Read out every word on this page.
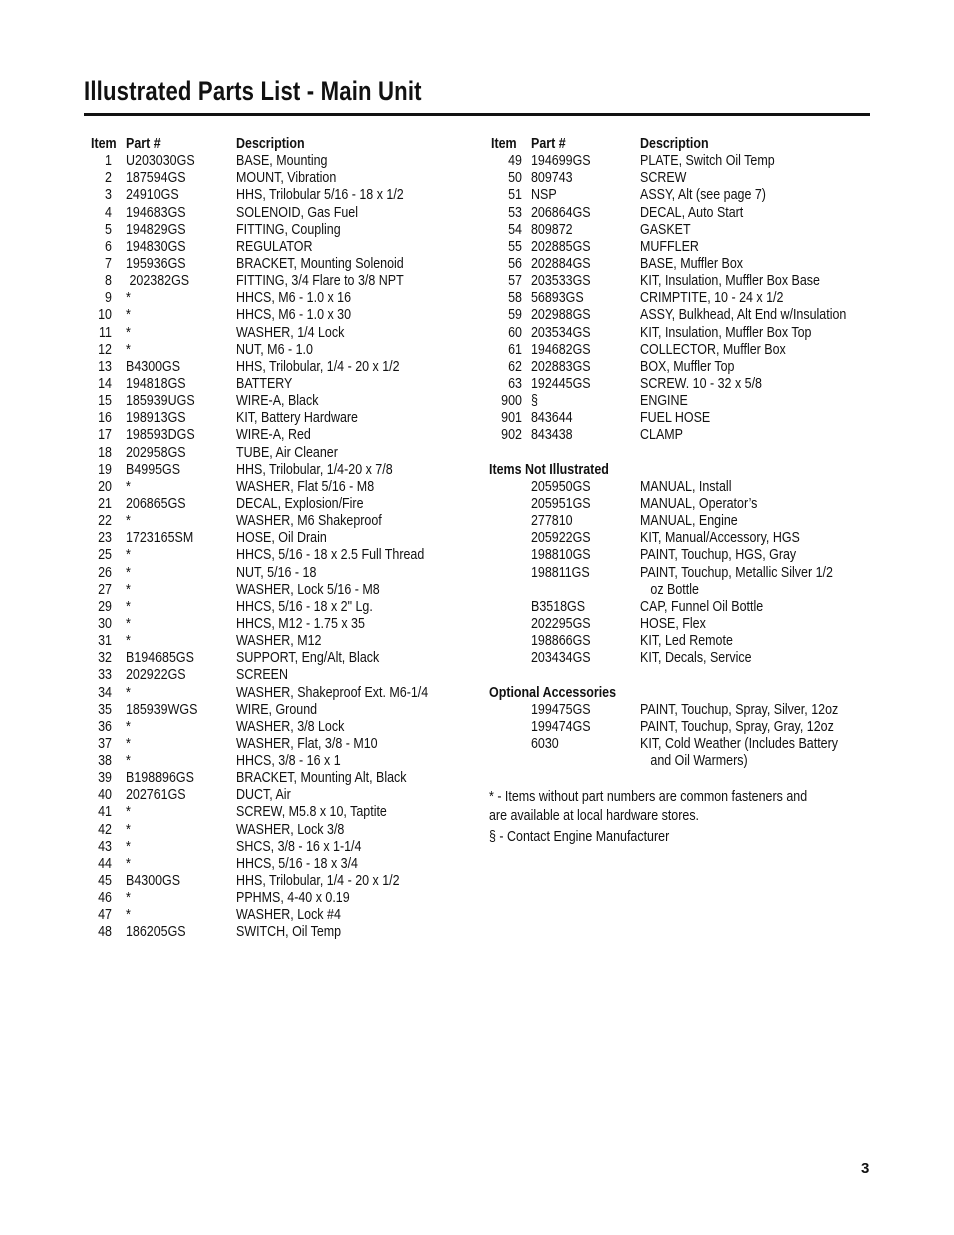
Illustrated Parts List - Main Unit
Item Part #	Description
1 U203030GS	BASE, Mounting
2 187594GS	MOUNT, Vibration
3 24910GS	HHS, Trilobular 5/16 - 18 x 1/2
4 194683GS	SOLENOID, Gas Fuel
5 194829GS	FITTING, Coupling
6 194830GS	REGULATOR
7 195936GS	BRACKET, Mounting Solenoid
8 202382GS	FITTING, 3/4 Flare to 3/8 NPT
9 *	HHCS, M6 - 1.0 x 16
10 *	HHCS, M6 - 1.0 x 30
11 *	WASHER, 1/4 Lock
12 *	NUT, M6 - 1.0
13 B4300GS	HHS, Trilobular, 1/4 - 20 x 1/2
14 194818GS	BATTERY
15 185939UGS	WIRE-A, Black
16 198913GS	KIT, Battery Hardware
17 198593DGS	WIRE-A, Red
18 202958GS	TUBE, Air Cleaner
19 B4995GS	HHS, Trilobular, 1/4-20 x 7/8
20 *	WASHER, Flat 5/16 - M8
21 206865GS	DECAL, Explosion/Fire
22 *	WASHER, M6 Shakeproof
23 1723165SM	HOSE, Oil Drain
25 *	HHCS, 5/16 - 18 x 2.5 Full Thread
26 *	NUT, 5/16 - 18
27 *	WASHER, Lock 5/16 - M8
29 *	HHCS, 5/16 - 18 x 2" Lg.
30 *	HHCS, M12 - 1.75 x 35
31 *	WASHER, M12
32 B194685GS	SUPPORT, Eng/Alt, Black
33 202922GS	SCREEN
34 *	WASHER, Shakeproof Ext. M6-1/4
35 185939WGS	WIRE, Ground
36 *	WASHER, 3/8 Lock
37 *	WASHER, Flat, 3/8 - M10
38 *	HHCS, 3/8 - 16 x 1
39 B198896GS	BRACKET, Mounting Alt, Black
40 202761GS	DUCT, Air
41 *	SCREW, M5.8 x 10, Taptite
42 *	WASHER, Lock 3/8
43 *	SHCS, 3/8 - 16 x 1-1/4
44 *	HHCS, 5/16 - 18 x 3/4
45 B4300GS	HHS, Trilobular, 1/4 - 20 x 1/2
46 *	PPHMS, 4-40 x 0.19
47 *	WASHER, Lock #4
48 186205GS	SWITCH, Oil Temp
Item Part #	Description
49 194699GS	PLATE, Switch Oil Temp
50 809743	SCREW
51 NSP	ASSY, Alt (see page 7)
53 206864GS	DECAL, Auto Start
54 809872	GASKET
55 202885GS	MUFFLER
56 202884GS	BASE, Muffler Box
57 203533GS	KIT, Insulation, Muffler Box Base
58 56893GS	CRIMPTITE, 10 - 24 x 1/2
59 202988GS	ASSY, Bulkhead, Alt End w/Insulation
60 203534GS	KIT, Insulation, Muffler Box Top
61 194682GS	COLLECTOR, Muffler Box
62 202883GS	BOX, Muffler Top
63 192445GS	SCREW. 10 - 32 x 5/8
900 §	ENGINE
901 843644	FUEL HOSE
902 843438	CLAMP
Items Not Illustrated
205950GS	MANUAL, Install
205951GS	MANUAL, Operator’s
277810	MANUAL, Engine
205922GS	KIT, Manual/Accessory, HGS
198810GS	PAINT, Touchup, HGS, Gray
198811GS	PAINT, Touchup, Metallic Silver 1/2
oz Bottle
B3518GS	CAP, Funnel Oil Bottle
202295GS	HOSE, Flex
198866GS	KIT, Led Remote
203434GS	KIT, Decals, Service
Optional Accessories
199475GS	PAINT, Touchup, Spray, Silver, 12oz
199474GS	PAINT, Touchup, Spray, Gray, 12oz
6030	KIT, Cold Weather (Includes Battery
and Oil Warmers)
* - Items without part numbers are common fasteners and
are available at local hardware stores.
§ - Contact Engine Manufacturer
3
